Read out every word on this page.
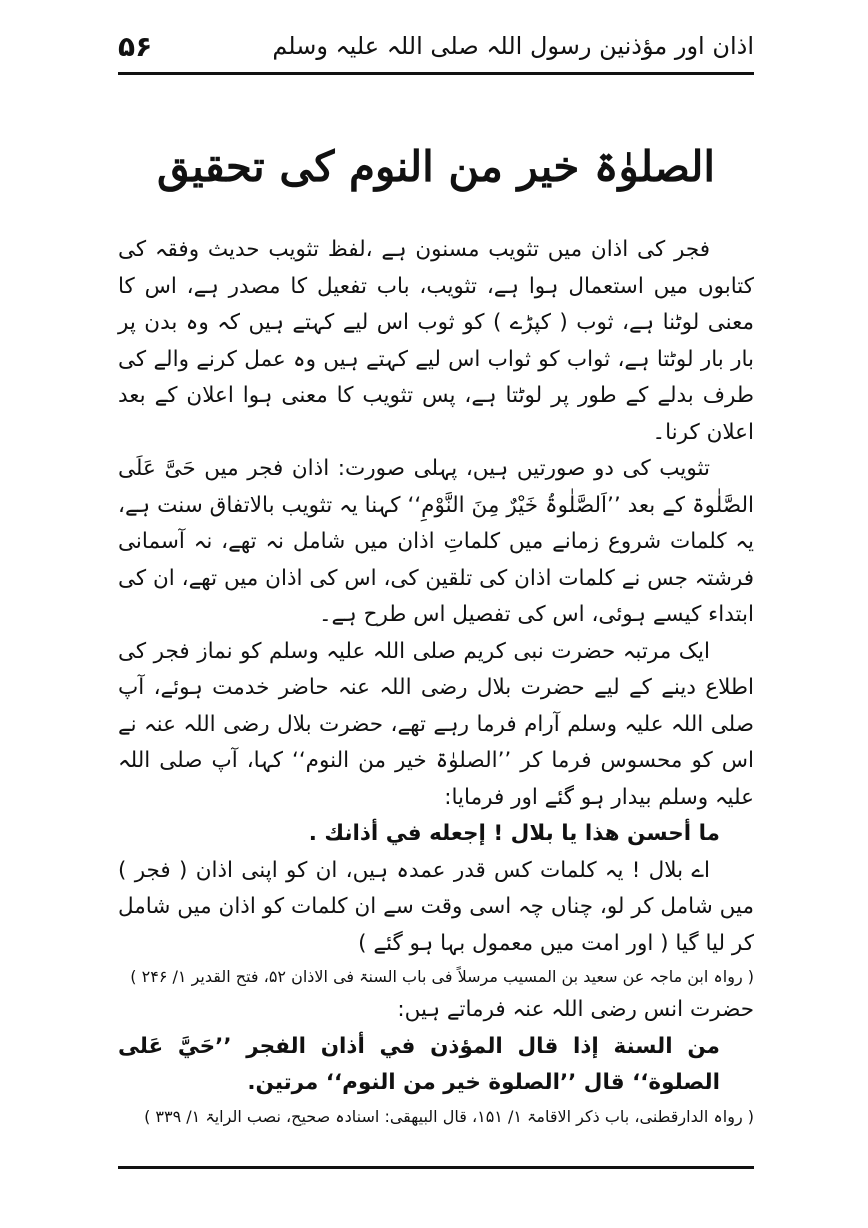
اذان اور مؤذنین رسول اللہ صلی اللہ علیہ وسلم
۵۶
الصلوٰۃ خیر من النوم کی تحقیق

فجر کی اذان میں تثویب مسنون ہے ،لفظ تثویب حدیث وفقہ کی کتابوں میں استعمال ہوا ہے، تثویب، باب تفعیل کا مصدر ہے، اس کا معنی لوٹنا ہے، ثوب ( کپڑے ) کو ثوب اس لیے کہتے ہیں کہ وہ بدن پر بار بار لوٹتا ہے، ثواب کو ثواب اس لیے کہتے ہیں وہ عمل کرنے والے کی طرف بدلے کے طور پر لوٹتا ہے، پس تثویب کا معنی ہوا اعلان کے بعد اعلان کرنا۔

تثویب کی دو صورتیں ہیں، پہلی صورت: اذان فجر میں حَیَّ عَلَی الصَّلٰوۃ کے بعد ’’اَلصَّلٰوۃُ خَیْرٌ مِنَ النَّوْمِ‘‘ کہنا یہ تثویب بالاتفاق سنت ہے، یہ کلمات شروع زمانے میں کلماتِ اذان میں شامل نہ تھے، نہ آسمانی فرشتہ جس نے کلمات اذان کی تلقین کی، اس کی اذان میں تھے، ان کی ابتداء کیسے ہوئی، اس کی تفصیل اس طرح ہے۔

ایک مرتبہ حضرت نبی کریم صلی اللہ علیہ وسلم کو نماز فجر کی اطلاع دینے کے لیے حضرت بلال رضی اللہ عنہ حاضر خدمت ہوئے، آپ صلی اللہ علیہ وسلم آرام فرما رہے تھے، حضرت بلال رضی اللہ عنہ نے اس کو محسوس فرما کر ’’الصلوٰۃ خیر من النوم‘‘ کہا، آپ صلی اللہ علیہ وسلم بیدار ہو گئے اور فرمایا:

ما أحسن هذا يا بلال ! إجعله في أذانك .

اے بلال ! یہ کلمات کس قدر عمدہ ہیں، ان کو اپنی اذان ( فجر ) میں شامل کر لو، چناں چہ اسی وقت سے ان کلمات کو اذان میں شامل کر لیا گیا ( اور امت میں معمول بہا ہو گئے )

( رواہ ابن ماجہ عن سعید بن المسیب مرسلاً فی باب السنۃ فی الاذان ۵۲، فتح القدیر ۱/ ۲۴۶ )

حضرت انس رضی اللہ عنہ فرماتے ہیں:

من السنة إذا قال المؤذن في أذان الفجر ’’حَيَّ عَلى الصلوة‘‘ قال ’’الصلوة خير من النوم‘‘ مرتين.

( رواہ الدارقطنی، باب ذکر الاقامۃ ۱/ ۱۵۱، قال البیھقی: اسنادہ صحیح، نصب الرایۃ ۱/ ۳۳۹ )
